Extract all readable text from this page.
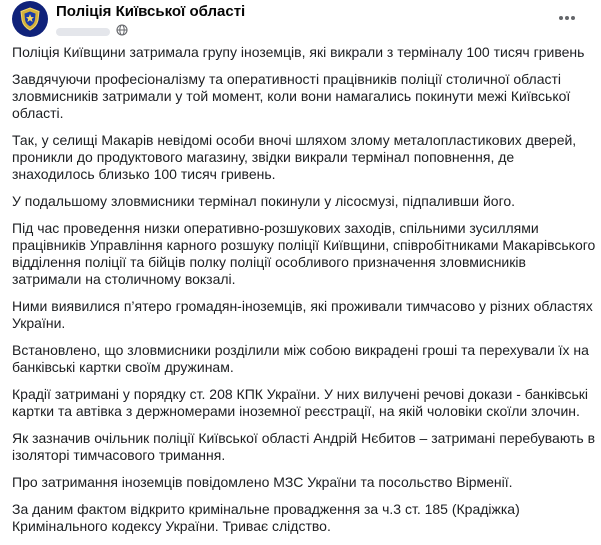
Поліція Київської області

Поліція Київщини затримала групу іноземців, які викрали з терміналу 100 тисяч гривень

Завдячуючи професіоналізму та оперативності працівників поліції столичної області зловмисників затримали у той момент, коли вони намагались покинути межі Київської області.

Так, у селищі Макарів невідомі особи вночі шляхом злому металопластикових дверей, проникли до продуктового магазину, звідки викрали термінал поповнення, де знаходилось близько 100 тисяч гривень.

У подальшому зловмисники термінал покинули у лісосмузі, підпаливши його.

Під час проведення низки оперативно-розшукових заходів, спільними зусиллями працівників Управління карного розшуку поліції Київщини, співробітниками Макарівського відділення поліції та бійців полку поліції особливого призначення зловмисників затримали на столичному вокзалі.

Ними виявилися п’ятеро громадян-іноземців, які проживали тимчасово у різних областях України.

Встановлено, що зловмисники розділили між собою викрадені гроші та перехували їх на банківські картки своїм дружинам.

Крадії затримані у порядку ст. 208 КПК України. У них вилучені речові докази - банківські картки та автівка з держномерами іноземної реєстрації, на якій чоловіки скоїли злочин.

Як зазначив очільник поліції Київської області Андрій Нєбитов – затримані перебувають в ізоляторі тимчасового тримання.

Про затримання іноземців повідомлено МЗС України та посольство Вірменії.

За даним фактом відкрито кримінальне провадження за ч.3 ст. 185 (Крадіжка) Кримінального кодексу України. Триває слідство.
